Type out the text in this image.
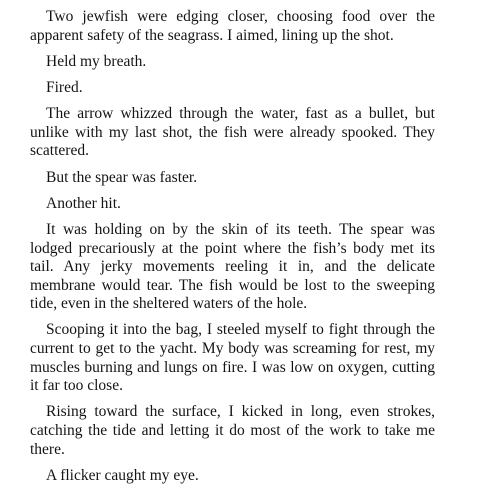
Two jewfish were edging closer, choosing food over the apparent safety of the seagrass. I aimed, lining up the shot.

Held my breath.

Fired.

The arrow whizzed through the water, fast as a bullet, but unlike with my last shot, the fish were already spooked. They scattered.

But the spear was faster.

Another hit.

It was holding on by the skin of its teeth. The spear was lodged precariously at the point where the fish’s body met its tail. Any jerky movements reeling it in, and the delicate membrane would tear. The fish would be lost to the sweeping tide, even in the sheltered waters of the hole.

Scooping it into the bag, I steeled myself to fight through the current to get to the yacht. My body was screaming for rest, my muscles burning and lungs on fire. I was low on oxygen, cutting it far too close.

Rising toward the surface, I kicked in long, even strokes, catching the tide and letting it do most of the work to take me there.

A flicker caught my eye.
